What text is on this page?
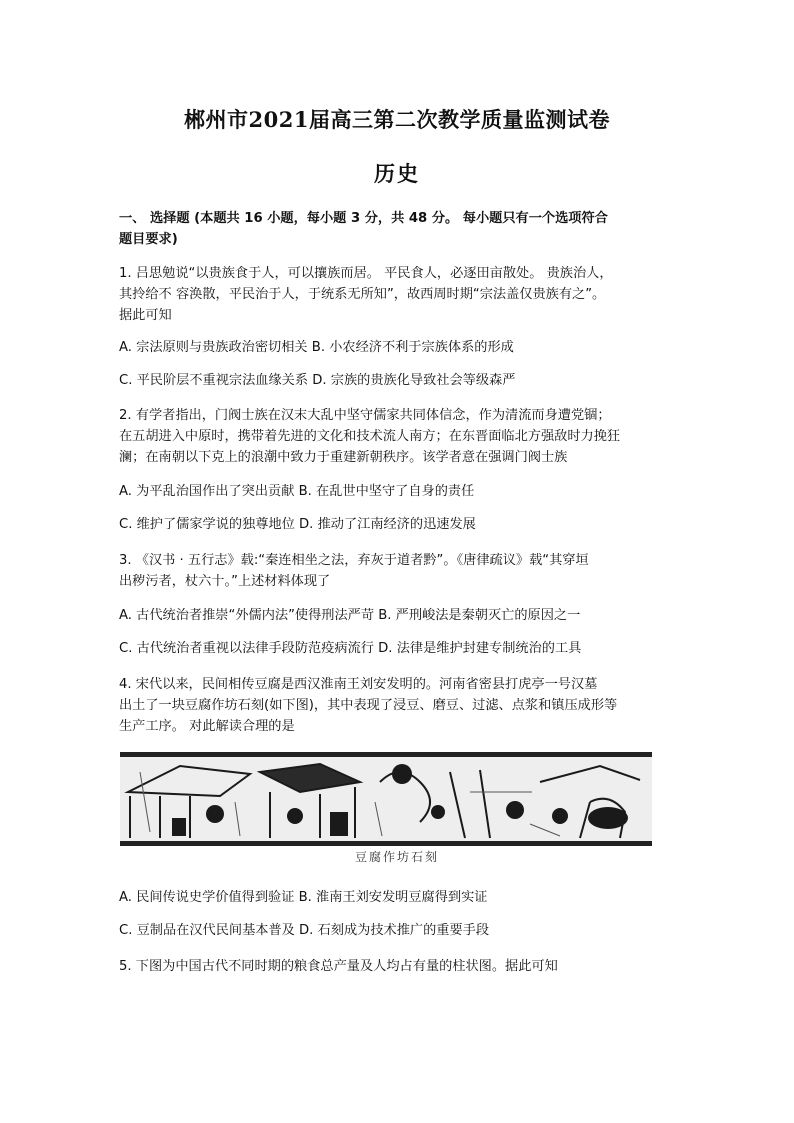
郴州市2021届高三第二次教学质量监测试卷
历史

一、 选择题 (本题共 16 小题，每小题 3 分，共 48 分。 每小题只有一个选项符合
题目要求)

1. 吕思勉说“以贵族食于人，可以攘族而居。 平民食人，必逐田亩散处。 贵族治人，
其拎给不 容涣散，平民治于人，于统系无所知”，故西周时期“宗法盖仅贵族有之”。
据此可知

A. 宗法原则与贵族政治密切相关 B. 小农经济不利于宗族体系的形成

C. 平民阶层不重视宗法血缘关系 D. 宗族的贵族化导致社会等级森严

2. 有学者指出，门阀士族在汉末大乱中坚守儒家共同体信念，作为清流而身遭党锢；
在五胡进入中原时，携带着先进的文化和技术流人南方；在东晋面临北方强敌时力挽狂
澜；在南朝以下克上的浪潮中致力于重建新朝秩序。该学者意在强调门阀士族

A. 为平乱治国作出了突出贡献 B. 在乱世中坚守了自身的责任

C. 维护了儒家学说的独尊地位 D. 推动了江南经济的迅速发展

3. 《汉书 · 五行志》载:“秦连相坐之法，弃灰于道者黔”。《唐律疏议》载“其穿垣
出秽污者，杖六十。”上述材料体现了

A. 古代统治者推崇“外儒内法”使得刑法严苛 B. 严刑峻法是秦朝灭亡的原因之一

C. 古代统治者重视以法律手段防范疫病流行 D. 法律是维护封建专制统治的工具

4. 宋代以来，民间相传豆腐是西汉淮南王刘安发明的。河南省密县打虎亭一号汉墓
出土了一块豆腐作坊石刻(如下图)，其中表现了浸豆、磨豆、过滤、点浆和镇压成形等
生产工序。 对此解读合理的是

豆腐作坊石刻

A. 民间传说史学价值得到验证 B. 淮南王刘安发明豆腐得到实证

C. 豆制品在汉代民间基本普及 D. 石刻成为技术推广的重要手段

5. 下图为中国古代不同时期的粮食总产量及人均占有量的柱状图。据此可知
